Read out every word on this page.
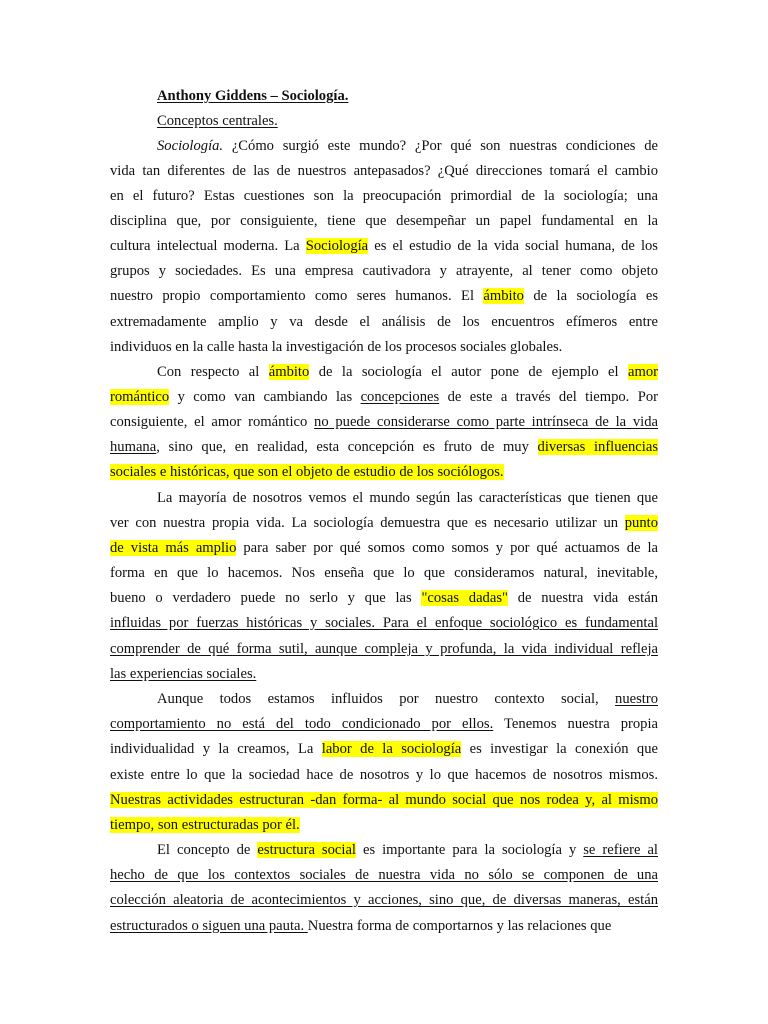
Anthony Giddens – Sociología.
Conceptos centrales.
Sociología. ¿Cómo surgió este mundo? ¿Por qué son nuestras condiciones de
vida tan diferentes de las de nuestros antepasados? ¿Qué direcciones tomará el cambio
en el futuro? Estas cuestiones son la preocupación primordial de la sociología; una
disciplina que, por consiguiente, tiene que desempeñar un papel fundamental en la
cultura intelectual moderna. La Sociología es el estudio de la vida social humana, de los
grupos y sociedades. Es una empresa cautivadora y atrayente, al tener como objeto
nuestro propio comportamiento como seres humanos. El ámbito de la sociología es
extremadamente amplio y va desde el análisis de los encuentros efímeros entre
individuos en la calle hasta la investigación de los procesos sociales globales.
Con respecto al ámbito de la sociología el autor pone de ejemplo el amor
romántico y como van cambiando las concepciones de este a través del tiempo. Por
consiguiente, el amor romántico no puede considerarse como parte intrínseca de la vida
humana, sino que, en realidad, esta concepción es fruto de muy diversas influencias
sociales e históricas, que son el objeto de estudio de los sociólogos.
La mayoría de nosotros vemos el mundo según las características que tienen que
ver con nuestra propia vida. La sociología demuestra que es necesario utilizar un punto
de vista más amplio para saber por qué somos como somos y por qué actuamos de la
forma en que lo hacemos. Nos enseña que lo que consideramos natural, inevitable,
bueno o verdadero puede no serlo y que las "cosas dadas" de nuestra vida están
influidas por fuerzas históricas y sociales. Para el enfoque sociológico es fundamental
comprender de qué forma sutil, aunque compleja y profunda, la vida individual refleja
las experiencias sociales.
Aunque todos estamos influidos por nuestro contexto social, nuestro
comportamiento no está del todo condicionado por ellos. Tenemos nuestra propia
individualidad y la creamos, La labor de la sociología es investigar la conexión que
existe entre lo que la sociedad hace de nosotros y lo que hacemos de nosotros mismos.
Nuestras actividades estructuran -dan forma- al mundo social que nos rodea y, al mismo
tiempo, son estructuradas por él.
El concepto de estructura social es importante para la sociología y se refiere al
hecho de que los contextos sociales de nuestra vida no sólo se componen de una
colección aleatoria de acontecimientos y acciones, sino que, de diversas maneras, están
estructurados o siguen una pauta. Nuestra forma de comportarnos y las relaciones que
